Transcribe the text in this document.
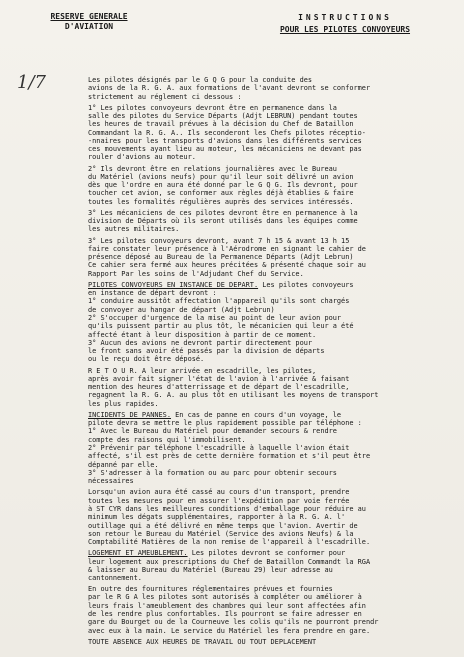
RESERVE GENERALE
D'AVIATION
INSTRUCTIONS
POUR LES PILOTES CONVOYEURS
1/7	Les pilotes désignés par le G Q G pour la conduite des
avions de la R. G. A. aux formations de l'avant devront se conformer
strictement au réglement ci dessous :
1° Les pilotes convoyeurs devront être en permanence dans la
salle des pilotes du Service Départs (Adjt LEBRUN) pendant toutes
les heures de travail prévues à la décision du Chef de Bataillon
Commandant la R. G. A.. Ils seconderont les Chefs pilotes réceptio-
-nnaires pour les transports d'avions dans les différents services
ces mouvements ayant lieu au moteur, les mécaniciens ne devant pas
rouler d'avions au moteur.
2° Ils devront être en relations journalières avec le Bureau
du Matériel (avions neufs) pour qu'il leur soit délivré un avion
dès que l'ordre en aura été donné par le G Q G. Ils devront, pour
toucher cet avion, se conformer aux règles déjà établies & faire
toutes les formalités régulières auprès des services intéressés.
3° Les mécaniciens de ces pilotes devront être en permanence à la
division de Départs où ils seront utilisés dans les équipes comme
les autres militaires.
3° Les pilotes convoyeurs devront, avant 7 h 15 & avant 13 h 15
faire constater leur présence à l'Aérodrome en signant le cahier de
présence déposé au Bureau de la Permanence Départs (Adjt Lebrun)
Ce cahier sera fermé aux heures précitées & présenté chaque soir au
Rapport Par les soins de l'Adjudant Chef du Service.
PILOTES CONVOYEURS EN INSTANCE DE DEPART. Les pilotes convoyeurs
en instance de départ devront :
1° conduire aussitôt affectation l'appareil qu'ils sont chargés
de convoyer au hangar de départ (Adjt Lebrun)
2° S'occuper d'urgence de la mise au point de leur avion pour
qu'ils puissent partir au plus tôt, le mécanicien qui leur a été
affecté étant à leur disposition à partir de ce moment.
3° Aucun des avions ne devront partir directement pour
le front sans avoir été passés par la division de départs
ou le reçu doit être déposé.
R E T O U R. A leur arrivée en escadrille, les pilotes,
après avoir fait signer l'état de l'avion à l'arrivée & faisant
mention des heures d'atterrissage et de départ de l'escadrille,
regagnent la R. G. A. au plus tôt en utilisant les moyens de transport
les plus rapides.
INCIDENTS DE PANNES. En cas de panne en cours d'un voyage, le
pilote devra se mettre le plus rapidement possible par téléphone :
1° Avec le Bureau du Matériel pour demander secours & rendre
compte des raisons qui l'immobilisent.
2° Prévenir par téléphone l'escadrille à laquelle l'avion était
affecté, s'il est près de cette dernière formation et s'il peut être
dépanné par elle.
3° S'adresser à la formation ou au parc pour obtenir secours
nécessaires
Lorsqu'un avion aura été cassé au cours d'un transport, prendre
toutes les mesures pour en assurer l'expédition par voie ferrée
à ST CYR dans les meilleures conditions d'emballage pour réduire au
minimum les dégats supplémentaires, rapporter à la R. G. A. l'
outillage qui a été délivré en même temps que l'avion. Avertir de
son retour le Bureau du Matériel (Service des avions Neufs) & la
Comptabilité Matières de la non remise de l'appareil à l'escadrille.
LOGEMENT ET AMEUBLEMENT. Les pilotes devront se conformer pour
leur logement aux prescriptions du Chef de Bataillon Commandt la RGA
& laisser au Bureau du Matériel (Bureau 29) leur adresse au
cantonnement.
En outre des fournitures réglementaires prévues et fournies
par le R G A les pilotes sont autorisés à compléter ou améliorer à
leurs frais l'ameublement des chambres qui leur sont affectées afin
de les rendre plus confortables. Ils pourront se faire adresser en
gare du Bourget ou de la Courneuve les colis qu'ils ne pourront prendr
avec eux à la main. Le service du Matériel les fera prendre en gare.
TOUTE ABSENCE AUX HEURES DE TRAVAIL OU TOUT DEPLACEMENT
